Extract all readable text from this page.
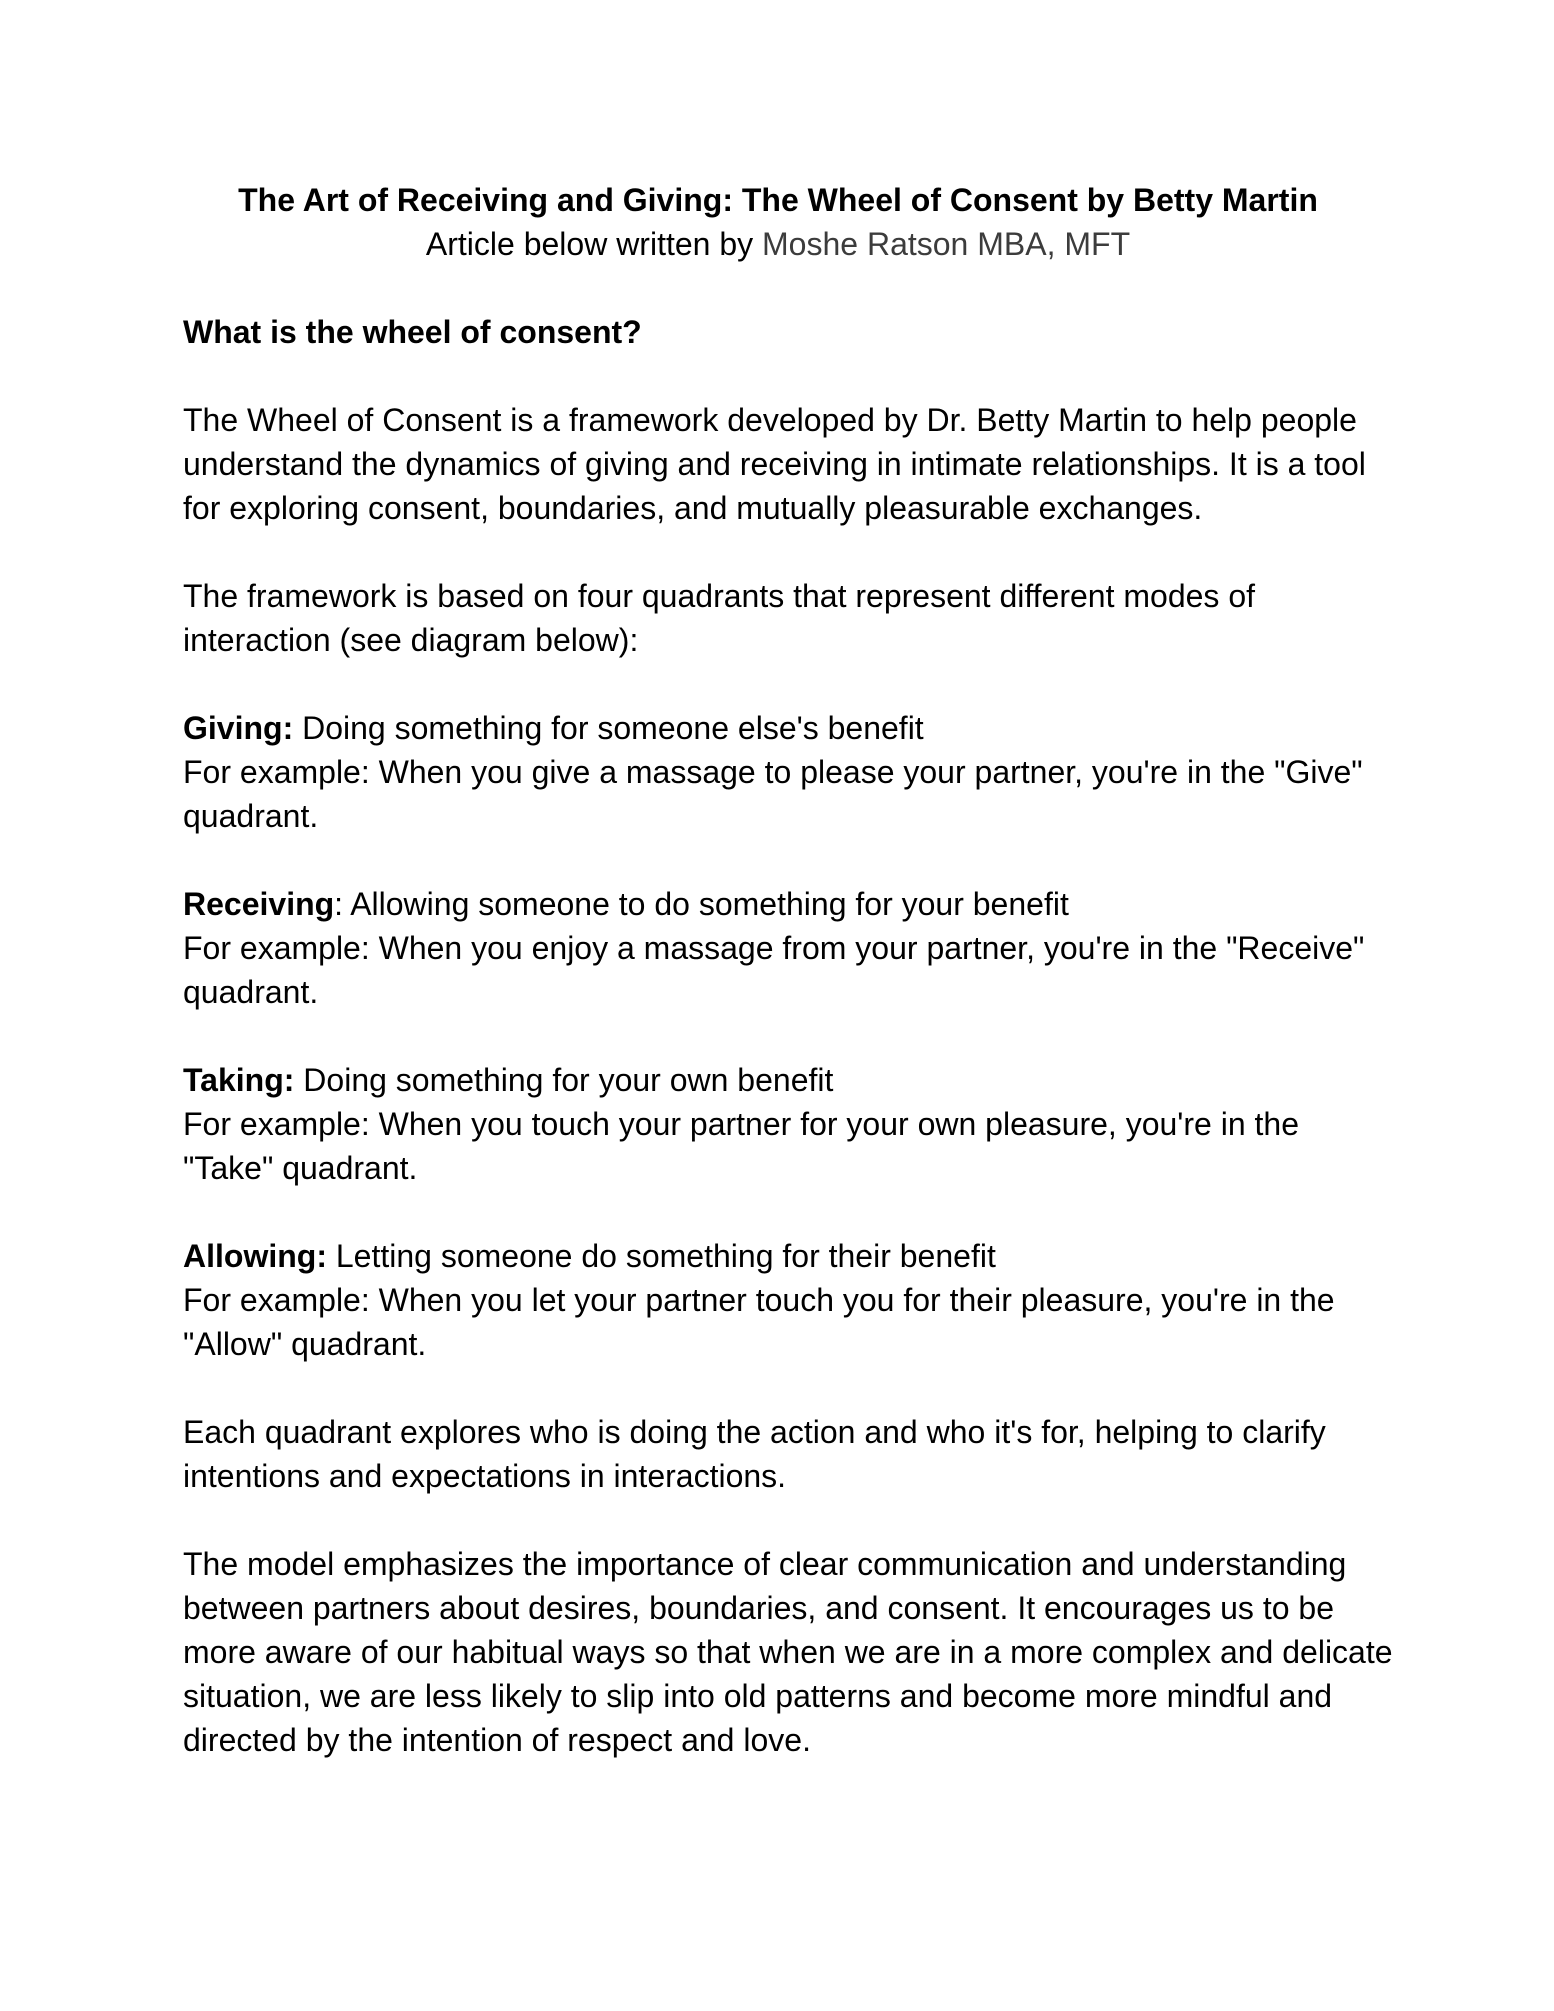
The Art of Receiving and Giving: The Wheel of Consent by Betty Martin
Article below written by Moshe Ratson MBA, MFT
What is the wheel of consent?

The Wheel of Consent is a framework developed by Dr. Betty Martin to help people understand the dynamics of giving and receiving in intimate relationships. It is a tool for exploring consent, boundaries, and mutually pleasurable exchanges.

The framework is based on four quadrants that represent different modes of interaction (see diagram below):

Giving: Doing something for someone else's benefit
For example: When you give a massage to please your partner, you're in the "Give" quadrant.

Receiving: Allowing someone to do something for your benefit
For example: When you enjoy a massage from your partner, you're in the "Receive" quadrant.

Taking: Doing something for your own benefit
For example: When you touch your partner for your own pleasure, you're in the "Take" quadrant.

Allowing: Letting someone do something for their benefit
For example: When you let your partner touch you for their pleasure, you're in the "Allow" quadrant.

Each quadrant explores who is doing the action and who it's for, helping to clarify intentions and expectations in interactions.

The model emphasizes the importance of clear communication and understanding between partners about desires, boundaries, and consent. It encourages us to be more aware of our habitual ways so that when we are in a more complex and delicate situation, we are less likely to slip into old patterns and become more mindful and directed by the intention of respect and love.
